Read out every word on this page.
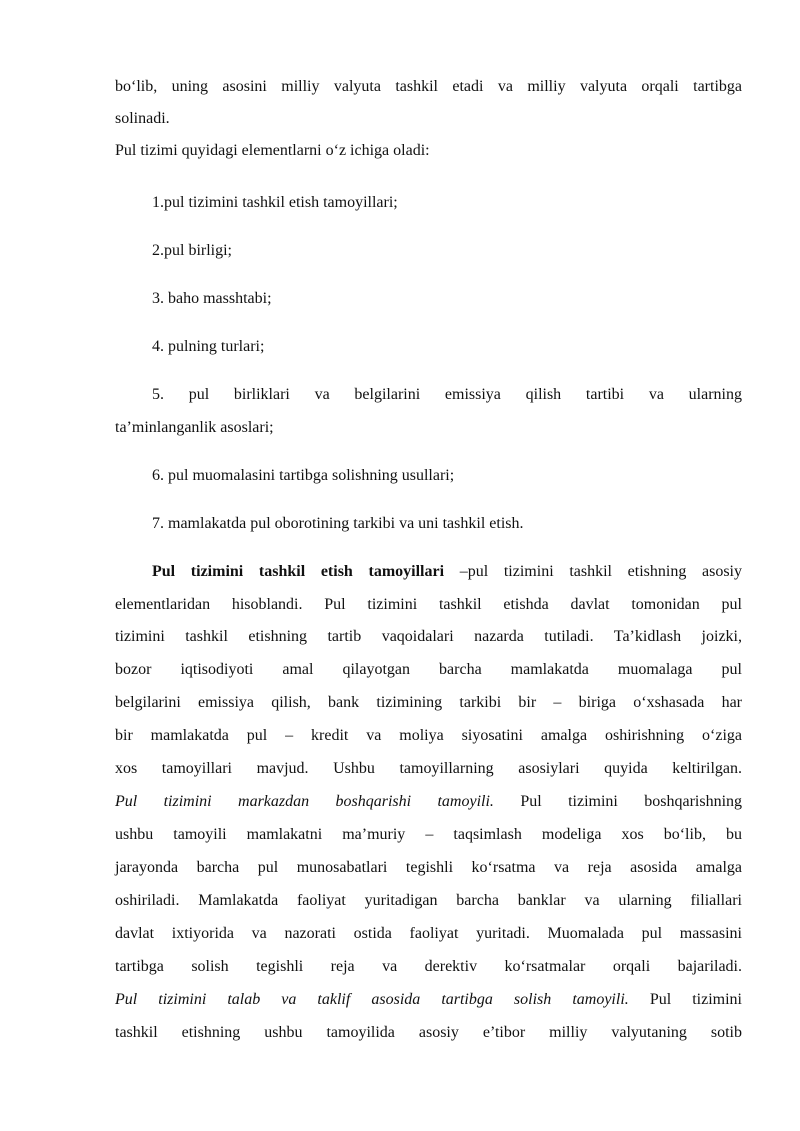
bo‘lib, uning asosini milliy valyuta tashkil etadi va milliy valyuta orqali tartibga
solinadi.
Pul tizimi quyidagi elementlarni o‘z ichiga oladi:
1.pul tizimini tashkil etish tamoyillari;
2.pul birligi;
3. baho masshtabi;
4. pulning turlari;
5. pul birliklari va belgilarini emissiya qilish tartibi va ularning
ta’minlanganlik asoslari;
6. pul muomalasini tartibga solishning usullari;
7. mamlakatda pul oborotining tarkibi va uni tashkil etish.
Pul tizimini tashkil etish tamoyillari –pul tizimini tashkil etishning asosiy
elementlaridan hisoblandi. Pul tizimini tashkil etishda davlat tomonidan pul
tizimini tashkil etishning tartib vaqoidalari nazarda tutiladi. Ta’kidlash joizki,
bozor iqtisodiyoti amal qilayotgan barcha mamlakatda muomalaga pul
belgilarini emissiya qilish, bank tizimining tarkibi bir – biriga o‘xshasada har
bir mamlakatda pul – kredit va moliya siyosatini amalga oshirishning o‘ziga
xos tamoyillari mavjud. Ushbu tamoyillarning asosiylari quyida keltirilgan.
Pul tizimini markazdan boshqarishi tamoyili. Pul tizimini boshqarishning
ushbu tamoyili mamlakatni ma’muriy – taqsimlash modeliga xos bo‘lib, bu
jarayonda barcha pul munosabatlari tegishli ko‘rsatma va reja asosida amalga
oshiriladi. Mamlakatda faoliyat yuritadigan barcha banklar va ularning filiallari
davlat ixtiyorida va nazorati ostida faoliyat yuritadi. Muomalada pul massasini
tartibga solish tegishli reja va derektiv ko‘rsatmalar orqali bajariladi.
Pul tizimini talab va taklif asosida tartibga solish tamoyili. Pul tizimini
tashkil etishning ushbu tamoyilida asosiy e’tibor milliy valyutaning sotib
